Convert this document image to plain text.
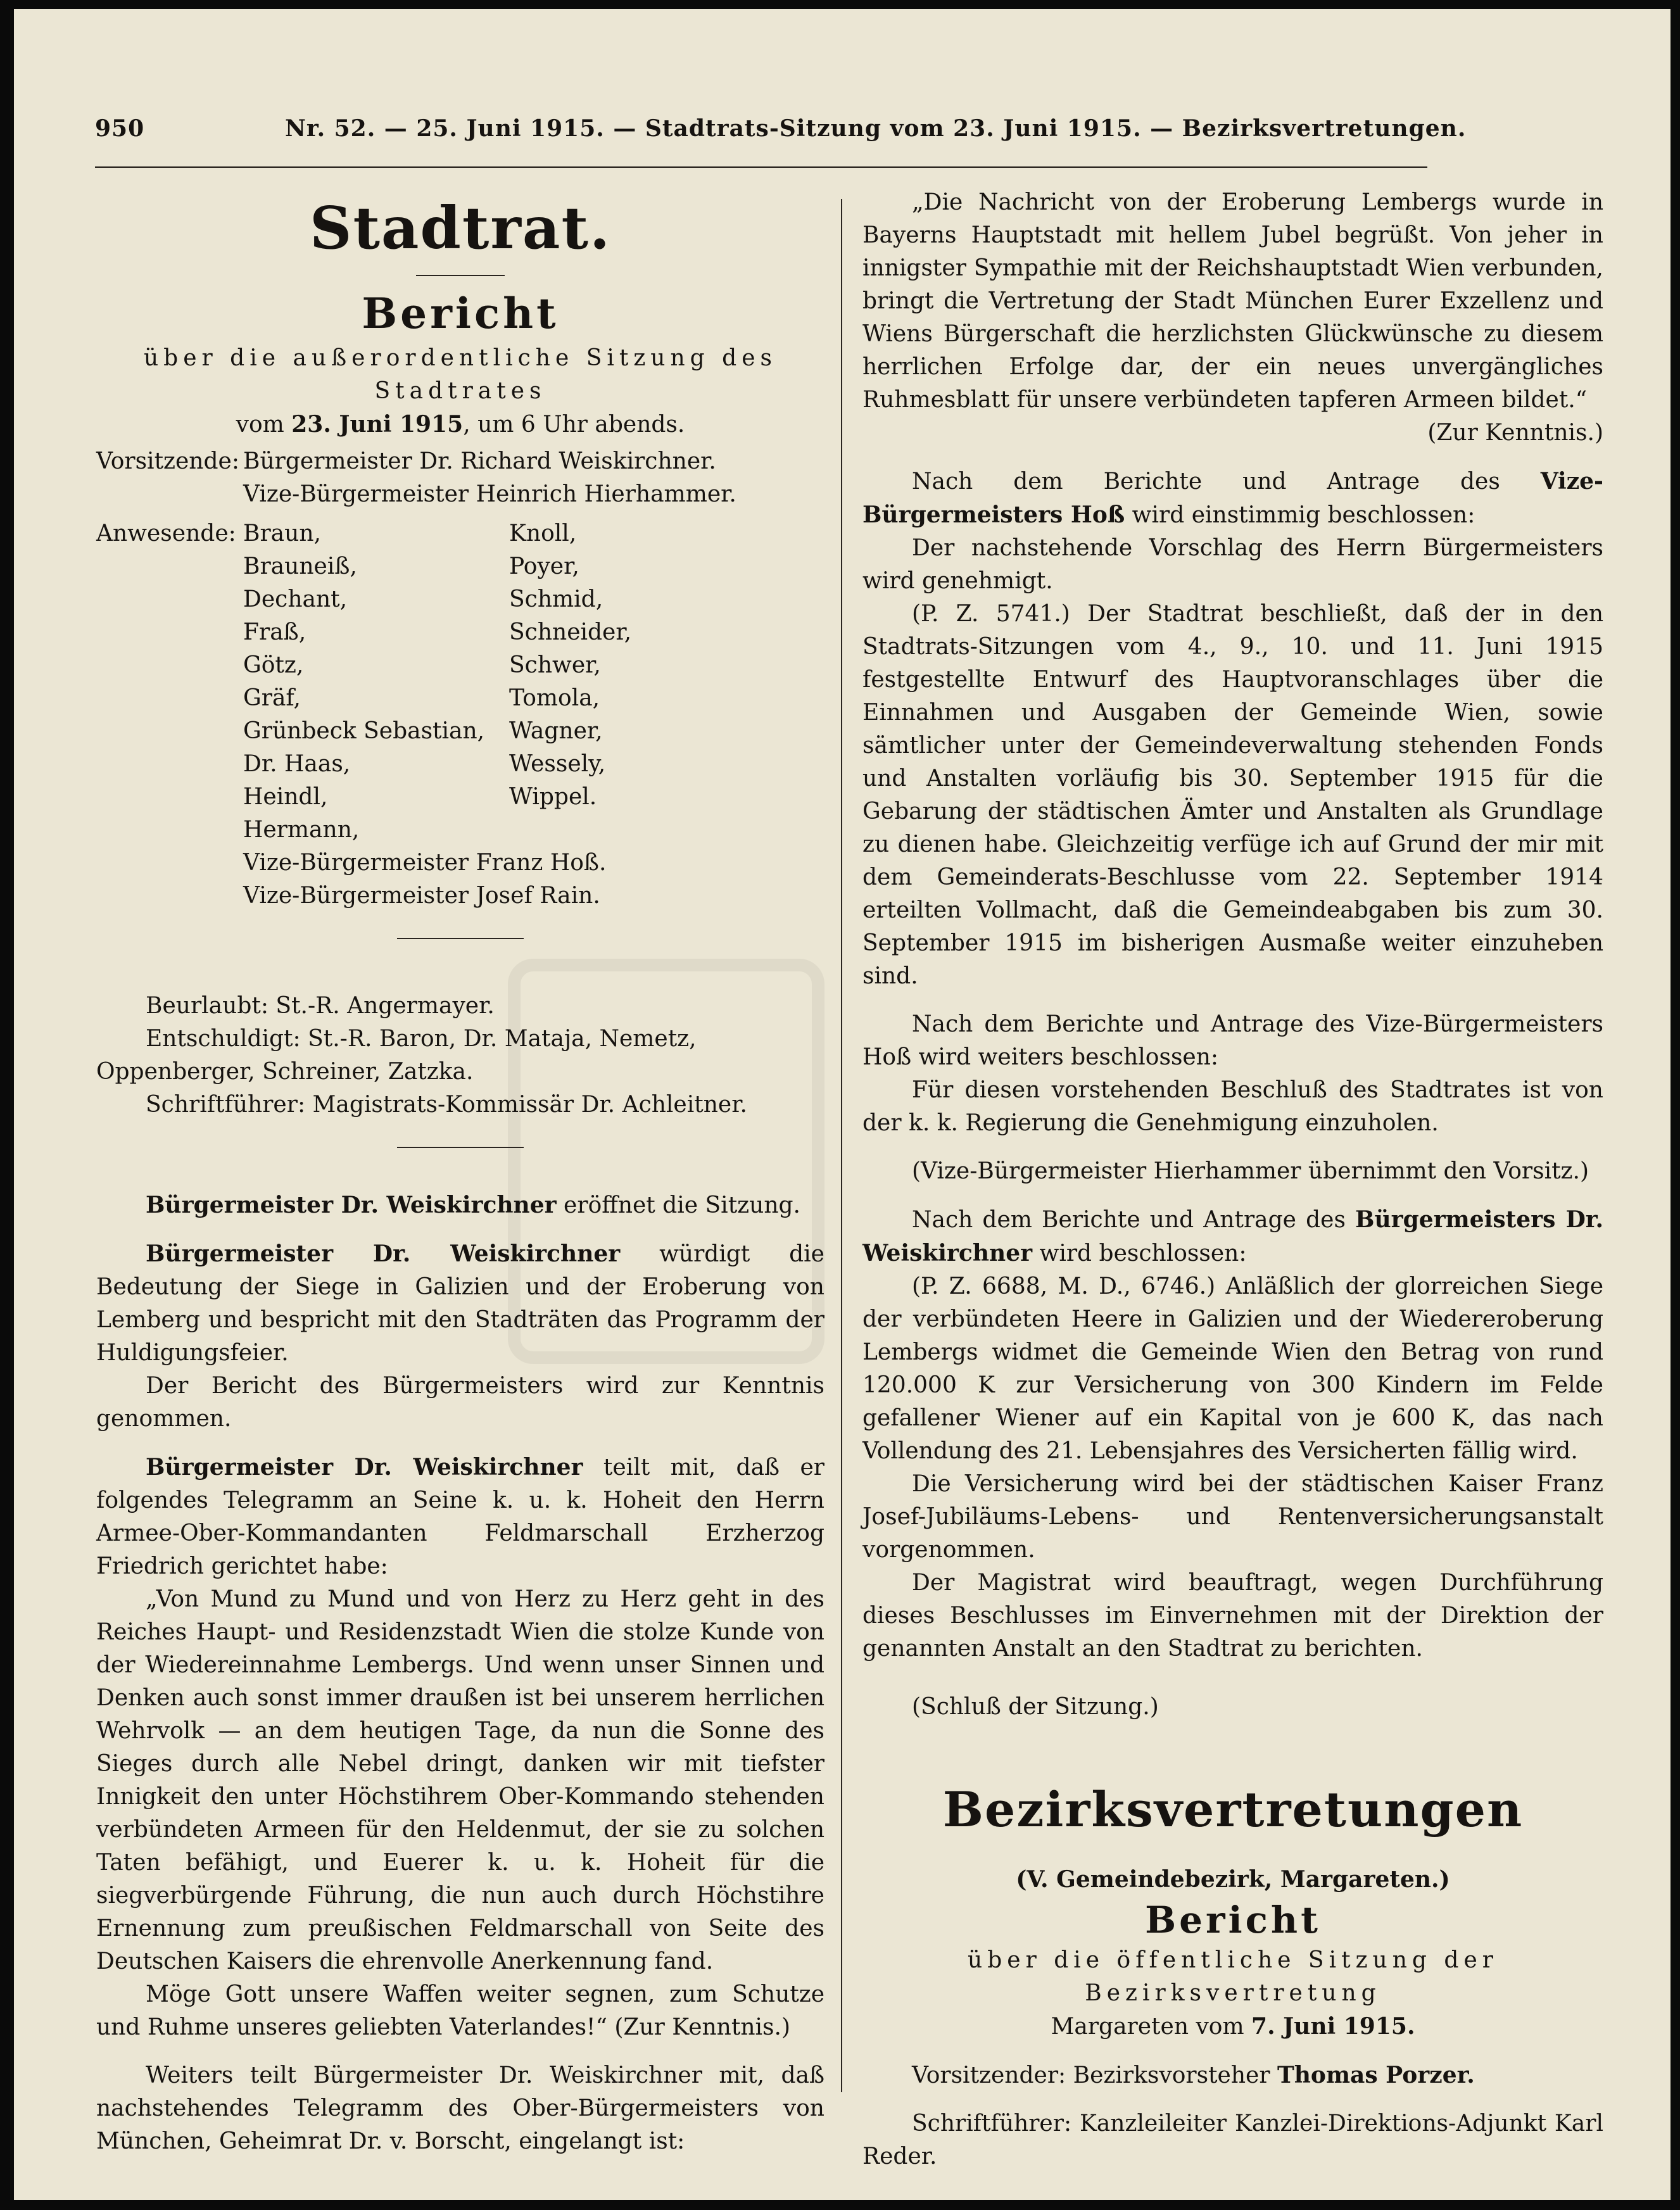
950	Nr. 52. — 25. Juni 1915. — Stadtrats-Sitzung vom 23. Juni 1915. — Bezirksvertretungen.
Stadtrat.
Bericht

über die außerordentliche Sitzung des Stadtrates

vom 23. Juni 1915, um 6 Uhr abends.

Vorsitzende: Bürgermeister Dr. Richard Weiskirchner.
Vize-Bürgermeister Heinrich Hierhammer.
Anwesende: Braun,
Brauneiß,
Dechant,
Fraß,
Götz,
Gräf,
Grünbeck Sebastian,
Dr. Haas,
Heindl,
Hermann,
Knoll,
Poyer,
Schmid,
Schneider,
Schwer,
Tomola,
Wagner,
Wessely,
Wippel.
Vize-Bürgermeister Franz Hoß.
Vize-Bürgermeister Josef Rain.

Beurlaubt: St.-R. Angermayer.

Entschuldigt: St.-R. Baron, Dr. Mataja, Nemetz,

Oppenberger, Schreiner, Zatzka.

Schriftführer: Magistrats-Kommissär Dr. Achleitner.

Bürgermeister Dr. Weiskirchner eröffnet die Sitzung.

Bürgermeister Dr. Weiskirchner würdigt die Bedeutung der Siege in Galizien und der Eroberung von Lemberg und bespricht mit den Stadträten das Programm der Huldigungsfeier.

Der Bericht des Bürgermeisters wird zur Kenntnis genommen.

Bürgermeister Dr. Weiskirchner teilt mit, daß er folgendes Telegramm an Seine k. u. k. Hoheit den Herrn Armee-Ober-Kommandanten Feldmarschall Erzherzog Friedrich gerichtet habe:

„Von Mund zu Mund und von Herz zu Herz geht in des Reiches Haupt- und Residenzstadt Wien die stolze Kunde von der Wiedereinnahme Lembergs. Und wenn unser Sinnen und Denken auch sonst immer draußen ist bei unserem herrlichen Wehrvolk — an dem heutigen Tage, da nun die Sonne des Sieges durch alle Nebel dringt, danken wir mit tiefster Innigkeit den unter Höchstihrem Ober-Kommando stehenden verbündeten Armeen für den Heldenmut, der sie zu solchen Taten befähigt, und Euerer k. u. k. Hoheit für die siegverbürgende Führung, die nun auch durch Höchstihre Ernennung zum preußischen Feldmarschall von Seite des Deutschen Kaisers die ehrenvolle Anerkennung fand.

Möge Gott unsere Waffen weiter segnen, zum Schutze und Ruhme unseres geliebten Vaterlandes!“ (Zur Kenntnis.)

Weiters teilt Bürgermeister Dr. Weiskirchner mit, daß nachstehendes Telegramm des Ober-Bürgermeisters von München, Geheimrat Dr. v. Borscht, eingelangt ist:

„Die Nachricht von der Eroberung Lembergs wurde in Bayerns Hauptstadt mit hellem Jubel begrüßt. Von jeher in innigster Sympathie mit der Reichshauptstadt Wien verbunden, bringt die Vertretung der Stadt München Eurer Exzellenz und Wiens Bürgerschaft die herzlichsten Glückwünsche zu diesem herrlichen Erfolge dar, der ein neues unvergängliches Ruhmesblatt für unsere verbündeten tapferen Armeen bildet.“

(Zur Kenntnis.)

Nach dem Berichte und Antrage des Vize-Bürgermeisters Hoß wird einstimmig beschlossen:

Der nachstehende Vorschlag des Herrn Bürgermeisters wird genehmigt.

(P. Z. 5741.) Der Stadtrat beschließt, daß der in den Stadtrats-Sitzungen vom 4., 9., 10. und 11. Juni 1915 festgestellte Entwurf des Hauptvoranschlages über die Einnahmen und Ausgaben der Gemeinde Wien, sowie sämtlicher unter der Gemeindeverwaltung stehenden Fonds und Anstalten vorläufig bis 30. September 1915 für die Gebarung der städtischen Ämter und Anstalten als Grundlage zu dienen habe. Gleichzeitig verfüge ich auf Grund der mir mit dem Gemeinderats-Beschlusse vom 22. September 1914 erteilten Vollmacht, daß die Gemeindeabgaben bis zum 30. September 1915 im bisherigen Ausmaße weiter einzuheben sind.

Nach dem Berichte und Antrage des Vize-Bürgermeisters Hoß wird weiters beschlossen:

Für diesen vorstehenden Beschluß des Stadtrates ist von der k. k. Regierung die Genehmigung einzuholen.

(Vize-Bürgermeister Hierhammer übernimmt den Vorsitz.)

Nach dem Berichte und Antrage des Bürgermeisters Dr. Weiskirchner wird beschlossen:

(P. Z. 6688, M. D., 6746.) Anläßlich der glorreichen Siege der verbündeten Heere in Galizien und der Wiedereroberung Lembergs widmet die Gemeinde Wien den Betrag von rund 120.000 K zur Versicherung von 300 Kindern im Felde gefallener Wiener auf ein Kapital von je 600 K, das nach Vollendung des 21. Lebensjahres des Versicherten fällig wird.

Die Versicherung wird bei der städtischen Kaiser Franz Josef-Jubiläums-Lebens- und Rentenversicherungsanstalt vorgenommen.

Der Magistrat wird beauftragt, wegen Durchführung dieses Beschlusses im Einvernehmen mit der Direktion der genannten Anstalt an den Stadtrat zu berichten.

(Schluß der Sitzung.)

Bezirksvertretungen

(V. Gemeindebezirk, Margareten.)

Bericht

über die öffentliche Sitzung der Bezirksvertretung

Margareten vom 7. Juni 1915.

Vorsitzender: Bezirksvorsteher Thomas Porzer.

Schriftführer: Kanzleileiter Kanzlei-Direktions-Adjunkt Karl Reder.
